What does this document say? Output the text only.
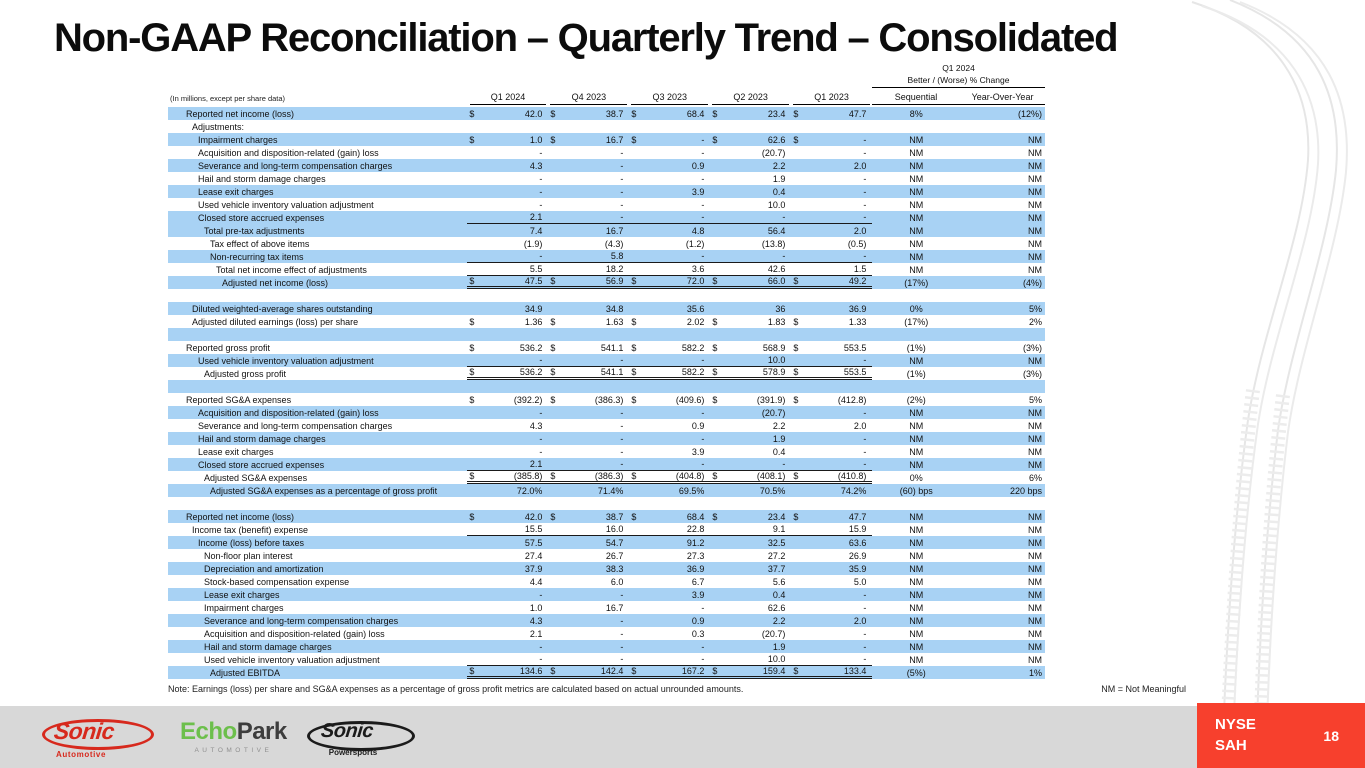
Non-GAAP Reconciliation – Quarterly Trend – Consolidated
Q1 2024
Better / (Worse) % Change
(In millions, except per share data)	Q1 2024	Q4 2023	Q3 2023	Q2 2023	Q1 2023	Sequential	Year-Over-Year
Reported net income (loss)	$	42.0 $	38.7 $	68.4 $	23.4 $	47.7	8%	(12%)
Adjustments:
Impairment charges	$	1.0 $	16.7 $	- $	62.6 $	-	NM	NM
Acquisition and disposition-related (gain) loss	-	-	-	(20.7)	-	NM	NM
Severance and long-term compensation charges	4.3	-	0.9	2.2	2.0	NM	NM
Hail and storm damage charges	-	-	-	1.9	-	NM	NM
Lease exit charges	-	-	3.9	0.4	-	NM	NM
Used vehicle inventory valuation adjustment	-	-	-	10.0	-	NM	NM
Closed store accrued expenses	2.1	-	-	-	-	NM	NM
Total pre-tax adjustments	7.4	16.7	4.8	56.4	2.0	NM	NM
Tax effect of above items	(1.9)	(4.3)	(1.2)	(13.8)	(0.5)	NM	NM
Non-recurring tax items	-	5.8	-	-	-	NM	NM
Total net income effect of adjustments	5.5	18.2	3.6	42.6	1.5	NM	NM
Adjusted net income (loss)	$	47.5 $	56.9 $	72.0 $	66.0 $	49.2	(17%)	(4%)
Diluted weighted-average shares outstanding	34.9	34.8	35.6	36	36.9	0%	5%
Adjusted diluted earnings (loss) per share	$	1.36 $	1.63 $	2.02 $	1.83 $	1.33	(17%)	2%
Reported gross profit	$	536.2 $	541.1 $	582.2 $	568.9 $	553.5	(1%)	(3%)
Used vehicle inventory valuation adjustment	-	-	-	10.0	-	NM	NM
Adjusted gross profit	$	536.2 $	541.1 $	582.2 $	578.9 $	553.5	(1%)	(3%)
Reported SG&A expenses	$	(392.2) $	(386.3) $	(409.6) $	(391.9) $	(412.8)	(2%)	5%
Acquisition and disposition-related (gain) loss	-	-	-	(20.7)	-	NM	NM
Severance and long-term compensation charges	4.3	-	0.9	2.2	2.0	NM	NM
Hail and storm damage charges	-	-	-	1.9	-	NM	NM
Lease exit charges	-	-	3.9	0.4	-	NM	NM
Closed store accrued expenses	2.1	-	-	-	-	NM	NM
Adjusted SG&A expenses	$	(385.8) $	(386.3) $	(404.8) $	(408.1) $	(410.8)	0%	6%
Adjusted SG&A expenses as a percentage of gross profit	72.0%	71.4%	69.5%	70.5%	74.2%	(60) bps	220 bps
Reported net income (loss)	$	42.0 $	38.7 $	68.4 $	23.4 $	47.7	NM	NM
Income tax (benefit) expense	15.5	16.0	22.8	9.1	15.9	NM	NM
Income (loss) before taxes	57.5	54.7	91.2	32.5	63.6	NM	NM
Non-floor plan interest	27.4	26.7	27.3	27.2	26.9	NM	NM
Depreciation and amortization	37.9	38.3	36.9	37.7	35.9	NM	NM
Stock-based compensation expense	4.4	6.0	6.7	5.6	5.0	NM	NM
Lease exit charges	-	-	3.9	0.4	-	NM	NM
Impairment charges	1.0	16.7	-	62.6	-	NM	NM
Severance and long-term compensation charges	4.3	-	0.9	2.2	2.0	NM	NM
Acquisition and disposition-related (gain) loss	2.1	-	0.3	(20.7)	-	NM	NM
Hail and storm damage charges	-	-	-	1.9	-	NM	NM
Used vehicle inventory valuation adjustment	-	-	-	10.0	-	NM	NM
Adjusted EBITDA	$	134.6 $	142.4 $	167.2 $	159.4 $	133.4	(5%)	1%
Note: Earnings (loss) per share and SG&A expenses as a percentage of gross profit metrics are calculated based on actual unrounded amounts.	NM = Not Meaningful
Sonic
Automotive
EchoPark
AUTOMOTIVE
Sonic
Powersports
NYSE
SAH
18
